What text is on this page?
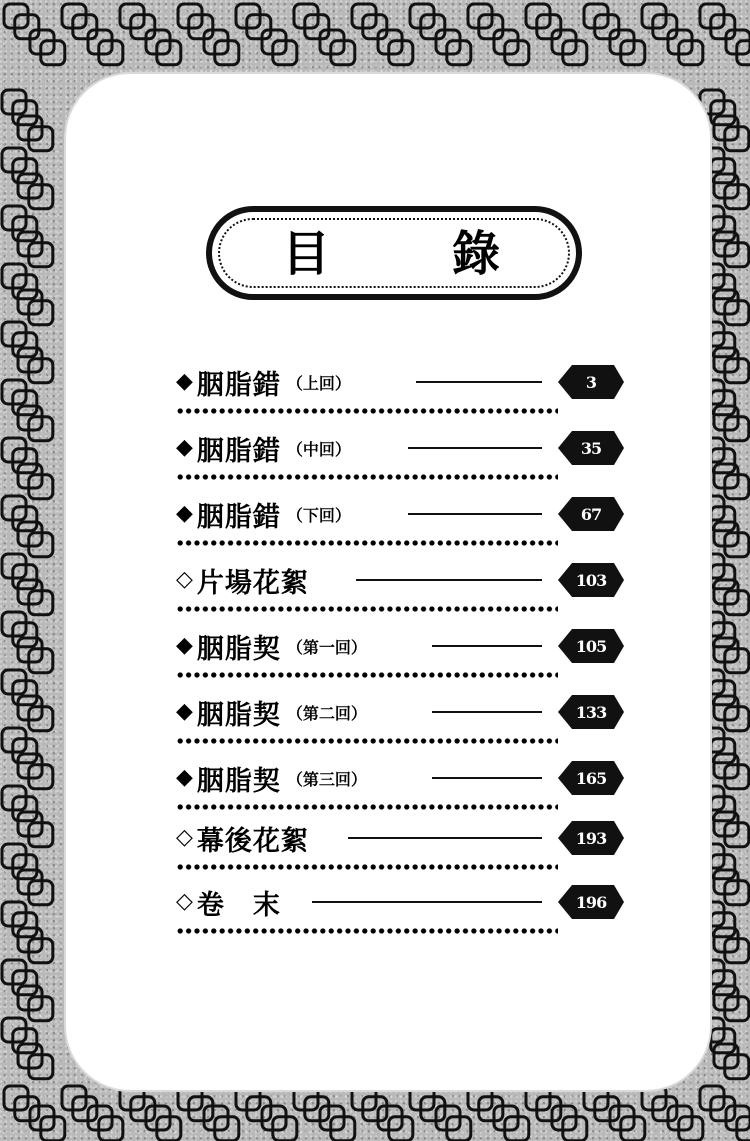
目	錄
◆ 胭脂錯 （上回）	3
◆ 胭脂錯 （中回）	35
◆ 胭脂錯 （下回）	67
◇ 片場花絮	103
◆ 胭脂契 （第一回）	105
◆ 胭脂契 （第二回）	133
◆ 胭脂契 （第三回）	165
◇ 幕後花絮	193
◇ 卷　末	196
